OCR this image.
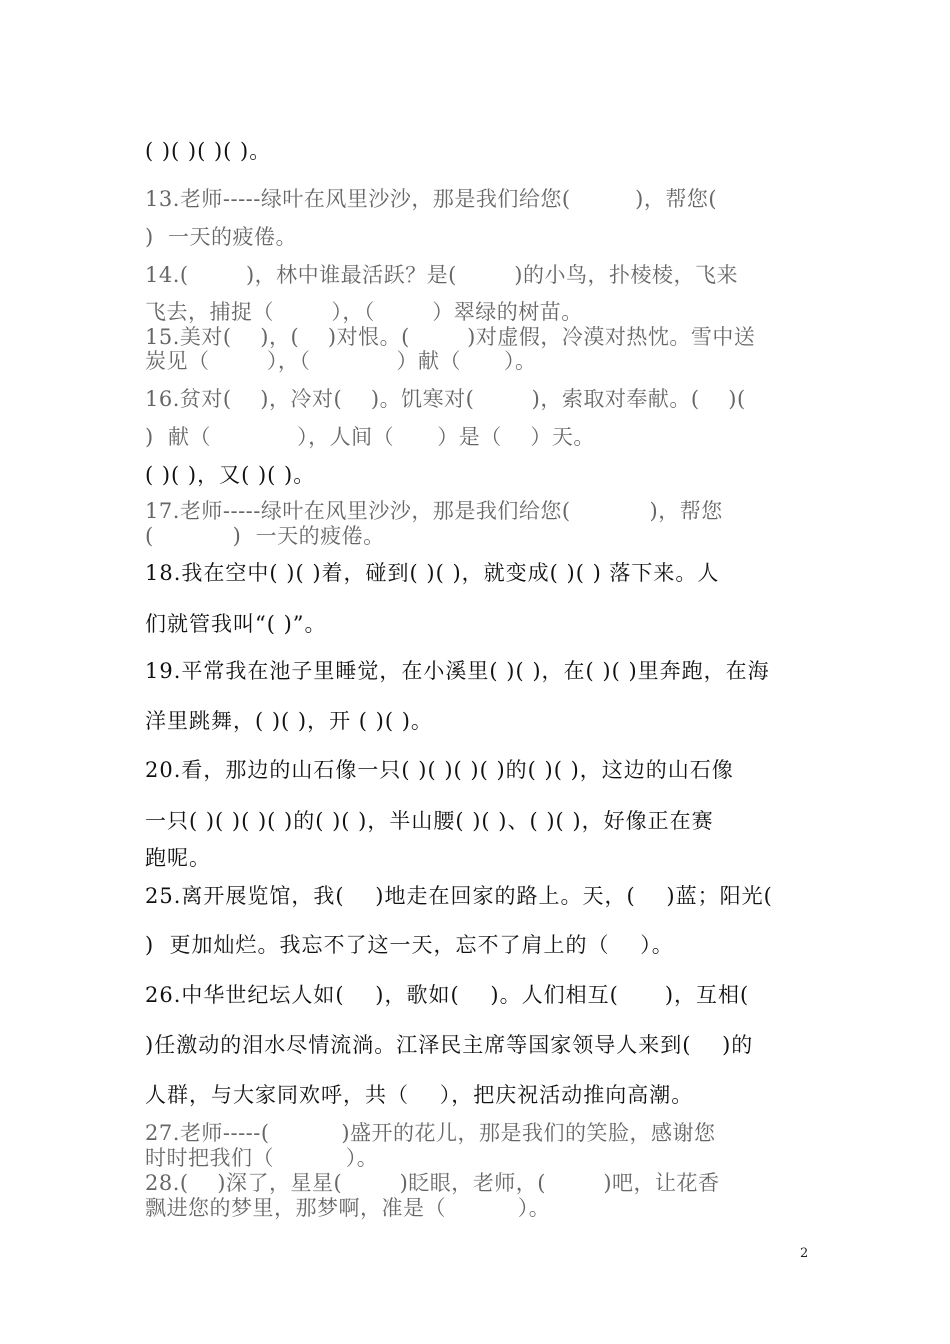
( )( )( )( )。

13.老师-----绿叶在风里沙沙，那是我们给您(         )，帮您(

)  一天的疲倦。

14.(        )，林中谁最活跃？是(        )的小鸟，扑棱棱，飞来

飞去，捕捉（        ），（        ）翠绿的树苗。

15.美对(    )，(    )对恨。(        )对虚假，冷漠对热忱。雪中送

炭见（        ），（            ）献（      ）。

16.贫对(    )，冷对(    )。饥寒对(        )，索取对奉献。(    )(

)  献（            ），人间（      ）是（    ）天。

( )( )，又( )( )。

17.老师-----绿叶在风里沙沙，那是我们给您(           )，帮您

(           )  一天的疲倦。

18.我在空中( )( )着，碰到( )( )，就变成( )( ) 落下来。人

们就管我叫“( )”。

19.平常我在池子里睡觉，在小溪里( )( )，在( )( )里奔跑，在海

洋里跳舞，( )( )，开 ( )( )。

20.看，那边的山石像一只( )( )( )( )的( )( )，这边的山石像

一只( )( )( )( )的( )( )，半山腰( )( )、( )( )，好像正在赛

跑呢。

25.离开展览馆，我(    )地走在回家的路上。天，(    )蓝；阳光(

)  更加灿烂。我忘不了这一天，忘不了肩上的（    ）。

26.中华世纪坛人如(    )，歌如(    )。人们相互(      )，互相(

)任激动的泪水尽情流淌。江泽民主席等国家领导人来到(    )的

人群，与大家同欢呼，共（    ），把庆祝活动推向高潮。

27.老师-----(          )盛开的花儿，那是我们的笑脸，感谢您

时时把我们（          ）。

28.(    )深了，星星(        )眨眼，老师，(        )吧，让花香

飘进您的梦里，那梦啊，准是（          ）。

2
